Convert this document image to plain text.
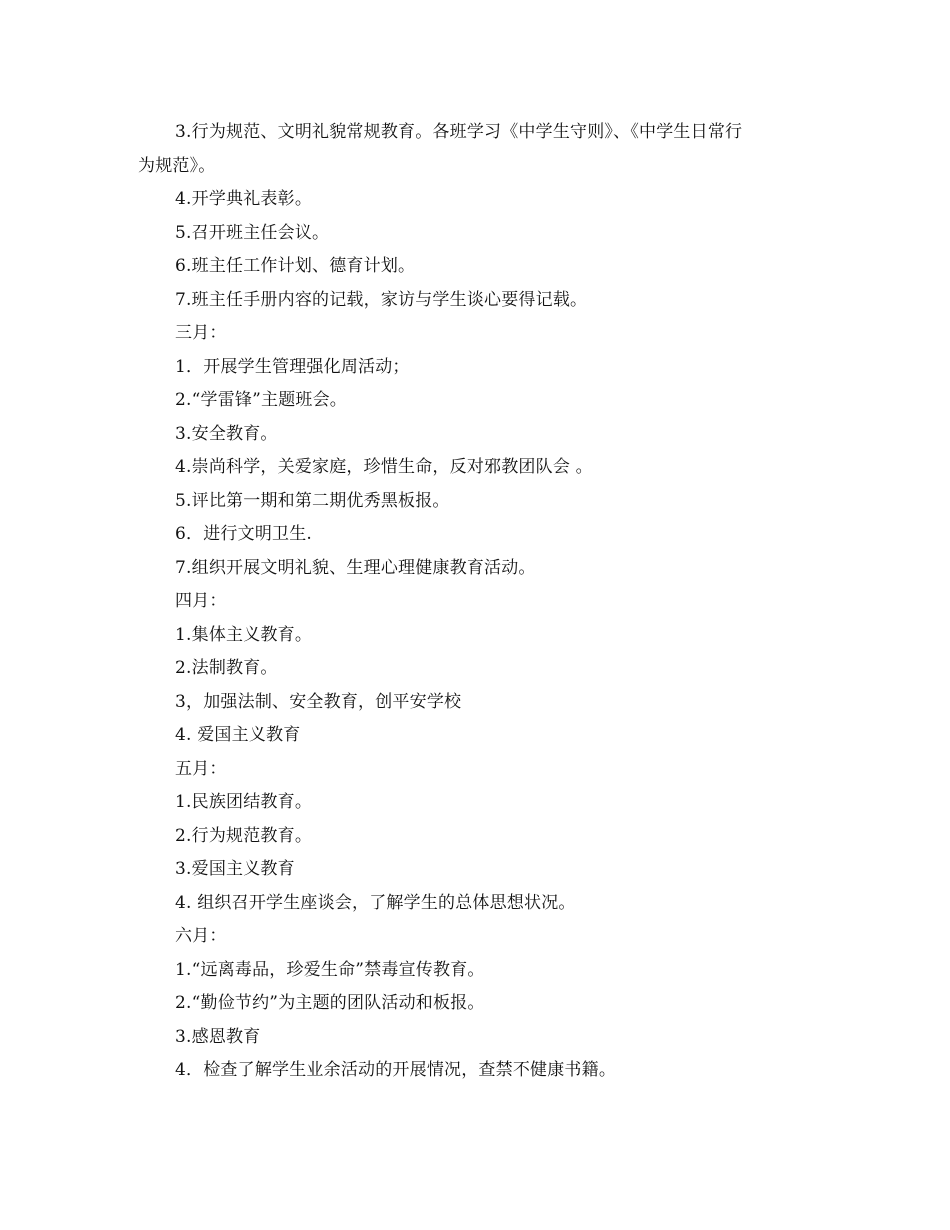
3.行为规范、文明礼貌常规教育。各班学习《中学生守则》、《中学生日常行
为规范》。
4.开学典礼表彰。
5.召开班主任会议。
6.班主任工作计划、德育计划。
7.班主任手册内容的记载，家访与学生谈心要得记载。
三月：
1．开展学生管理强化周活动；
2.“学雷锋”主题班会。
3.安全教育。
4.崇尚科学，关爱家庭，珍惜生命，反对邪教团队会 。
5.评比第一期和第二期优秀黑板报。
6．进行文明卫生.
7.组织开展文明礼貌、生理心理健康教育活动。
四月：
1.集体主义教育。
2.法制教育。
3，加强法制、安全教育，创平安学校
4. 爱国主义教育
五月：
1.民族团结教育。
2.行为规范教育。
3.爱国主义教育
4. 组织召开学生座谈会，了解学生的总体思想状况。
六月：
1.“远离毒品，珍爱生命”禁毒宣传教育。
2.“勤俭节约”为主题的团队活动和板报。
3.感恩教育
4．检查了解学生业余活动的开展情况，查禁不健康书籍。
